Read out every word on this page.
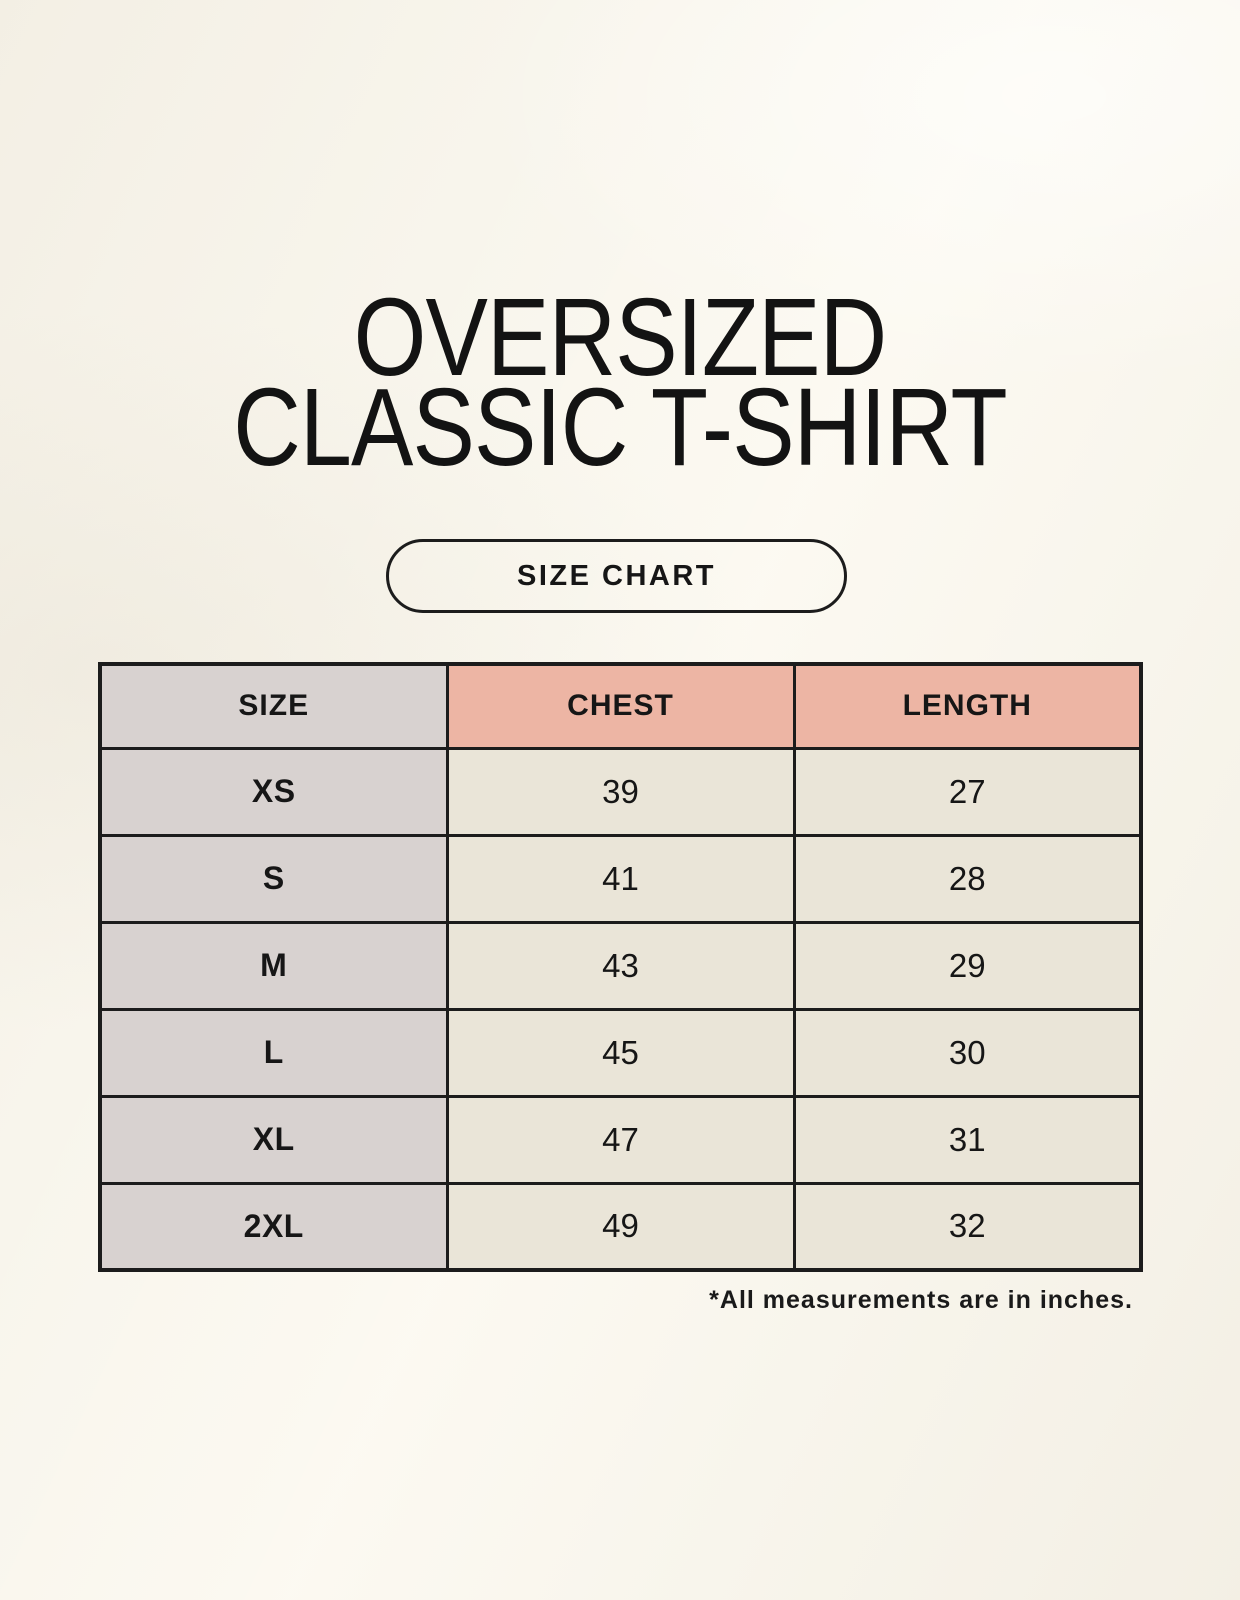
OVERSIZED
CLASSIC T-SHIRT
SIZE CHART
SIZE	CHEST	LENGTH
XS	39	27
S	41	28
M	43	29
L	45	30
XL	47	31
2XL	49	32

*All measurements are in inches.
